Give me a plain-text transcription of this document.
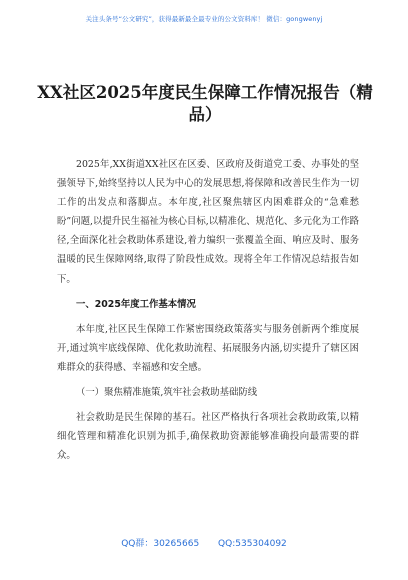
关注头条号“公文研究”，获得最新最全最专业的公文资料库！ 微信：gongwenyj
XX社区2025年度民生保障工作情况报告（精品）

2025年,XX街道XX社区在区委、区政府及街道党工委、办事处的坚强领导下,始终坚持以人民为中心的发展思想,将保障和改善民生作为一切工作的出发点和落脚点。本年度,社区聚焦辖区内困难群众的“急难愁盼”问题,以提升民生福祉为核心目标,以精准化、规范化、多元化为工作路径,全面深化社会救助体系建设,着力编织一张覆盖全面、响应及时、服务温暖的民生保障网络,取得了阶段性成效。现将全年工作情况总结报告如下。

一、2025年度工作基本情况

本年度,社区民生保障工作紧密围绕政策落实与服务创新两个维度展开,通过筑牢底线保障、优化救助流程、拓展服务内涵,切实提升了辖区困难群众的获得感、幸福感和安全感。

（一）聚焦精准施策,筑牢社会救助基础防线

社会救助是民生保障的基石。社区严格执行各项社会救助政策,以精细化管理和精准化识别为抓手,确保救助资源能够准确投向最需要的群众。

QQ群：30265665 QQ:535304092
